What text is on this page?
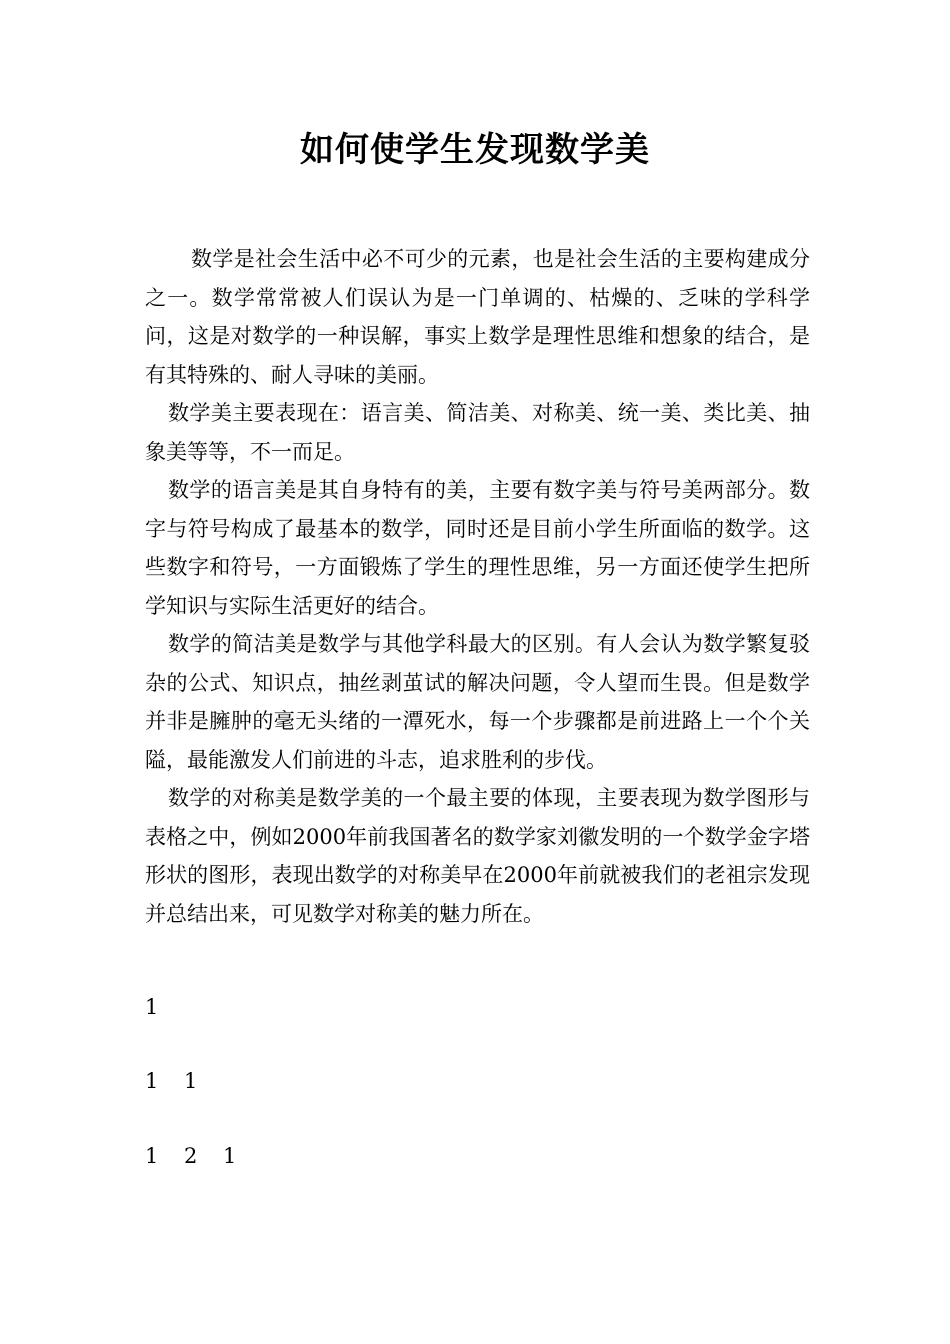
如何使学生发现数学美

数学是社会生活中必不可少的元素，也是社会生活的主要构建成分之一。数学常常被人们误认为是一门单调的、枯燥的、乏味的学科学问，这是对数学的一种误解，事实上数学是理性思维和想象的结合，是有其特殊的、耐人寻味的美丽。

数学美主要表现在：语言美、简洁美、对称美、统一美、类比美、抽象美等等，不一而足。

数学的语言美是其自身特有的美，主要有数字美与符号美两部分。数字与符号构成了最基本的数学，同时还是目前小学生所面临的数学。这些数字和符号，一方面锻炼了学生的理性思维，另一方面还使学生把所学知识与实际生活更好的结合。

数学的简洁美是数学与其他学科最大的区别。有人会认为数学繁复驳杂的公式、知识点，抽丝剥茧试的解决问题，令人望而生畏。但是数学并非是臃肿的毫无头绪的一潭死水，每一个步骤都是前进路上一个个关隘，最能激发人们前进的斗志，追求胜利的步伐。

数学的对称美是数学美的一个最主要的体现，主要表现为数学图形与表格之中，例如2000年前我国著名的数学家刘徽发明的一个数学金字塔形状的图形，表现出数学的对称美早在2000年前就被我们的老祖宗发现并总结出来，可见数学对称美的魅力所在。

1
1 1
1 2 1
